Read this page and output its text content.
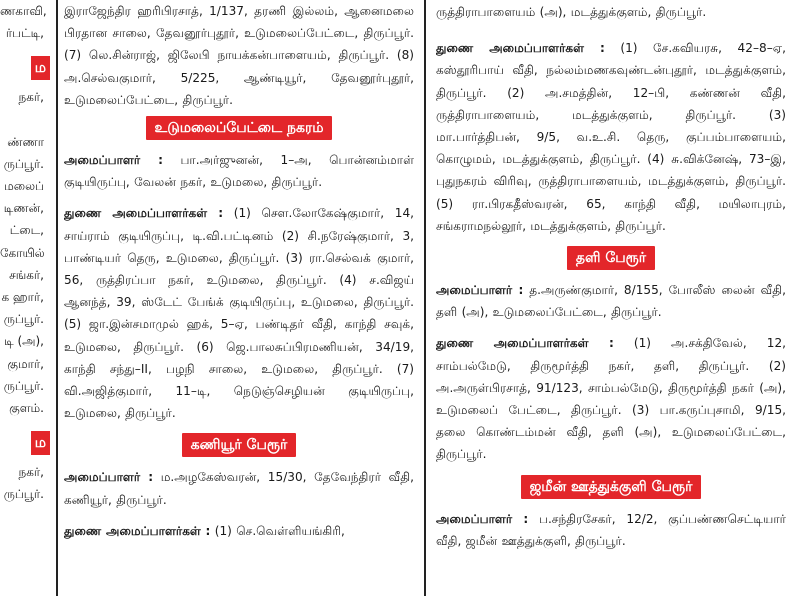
ணகாவி,
ர்பட்டி,
ம
நகர்,
ண்ணா
ருப்பூர்.
மலைப்
டிணன்,
ட்டை,
கோயில்
சங்கர்,
க ஹார்,
ருப்பூர்.
டி (அ),
குமார்,
ருப்பூர்.
குளம்.
ம
நகர்,
ருப்பூர்.

இராஜேந்திர ஹரிபிரசாத், 1/137, தரணி இல்லம், ஆனைமலை பிரதான சாலை, தேவனூர்புதூர், உடுமலைப்பேட்டை, திருப்பூர். (7) லெ.சின்ராஜ், ஜிலேபி நாயக்கன்பாளையம், திருப்பூர். (8) அ.செல்வகுமார், 5/225, ஆண்டியூர், தேவனூர்புதூர், உடுமலைப்பேட்டை, திருப்பூர்.

உடுமலைப்பேட்டை நகரம்

அமைப்பாளர் : பா.அர்ஜுனன், 1–அ, பொன்னம்மாள் குடியிருப்பு, வேலன் நகர், உடுமலை, திருப்பூர்.

துணை அமைப்பாளர்கள் : (1) சௌ.லோகேஷ்குமார், 14, சாய்ராம் குடியிருப்பு, டி.வி.பட்டினம் (2) சி.நரேஷ்குமார், 3, பாண்டியர் தெரு, உடுமலை, திருப்பூர். (3) ரா.செல்வக் குமார், 56, ருத்திரப்பா நகர், உடுமலை, திருப்பூர். (4) ச.விஜய் ஆனந்த், 39, ஸ்டேட் பேங்க் குடியிருப்பு, உடுமலை, திருப்பூர். (5) ஜா.இன்சமாமுல் ஹக், 5–ஏ, பண்டிதர் வீதி, காந்தி சவுக், உடுமலை, திருப்பூர். (6) ஜெ.பாலசுப்பிரமணியன், 34/19, காந்தி சந்து–II, பழநி சாலை, உடுமலை, திருப்பூர். (7) வி.அஜித்குமார், 11–டி, நெடுஞ்செழியன் குடியிருப்பு, உடுமலை, திருப்பூர்.

கணியூர் பேரூர்

அமைப்பாளர் : ம.அழகேஸ்வரன், 15/30, தேவேந்திரர் வீதி, கணியூர், திருப்பூர்.

துணை அமைப்பாளர்கள் : (1) செ.வெள்ளியங்கிரி,

ருத்திராபாளையம் (அ), மடத்துக்குளம், திருப்பூர்.

துணை அமைப்பாளர்கள் : (1) சே.கவியரசு, 42–8–ஏ, கஸ்தூரிபாய் வீதி, நல்லம்மணகவுண்டன்புதூர், மடத்துக்குளம், திருப்பூர். (2) அ.சமத்தின், 12–பி, கண்ணன் வீதி, ருத்திராபாளையம், மடத்துக்குளம், திருப்பூர். (3) மா.பார்த்திபன், 9/5, வ.உ.சி. தெரு, குப்பம்பாளையம், கொழுமம், மடத்துக்குளம், திருப்பூர். (4) சு.விக்னேஷ், 73–இ, புதுநகரம் விரிவு, ருத்திராபாளையம், மடத்துக்குளம், திருப்பூர். (5) ரா.பிரகதீஸ்வரன், 65, காந்தி வீதி, மயிலாபுரம், சங்கராமநல்லூர், மடத்துக்குளம், திருப்பூர்.

தளி பேரூர்

அமைப்பாளர் : த.அருண்குமார், 8/155, போலீஸ் லைன் வீதி, தளி (அ), உடுமலைப்பேட்டை, திருப்பூர்.

துணை அமைப்பாளர்கள் : (1) அ.சக்திவேல், 12, சாம்பல்மேடு, திருமூர்த்தி நகர், தளி, திருப்பூர். (2) அ.அருள்பிரசாத், 91/123, சாம்பல்மேடு, திருமூர்த்தி நகர் (அ), உடுமலைப் பேட்டை, திருப்பூர். (3) பா.கருப்புசாமி, 9/15, தலை கொண்டம்மன் வீதி, தளி (அ), உடுமலைப்பேட்டை, திருப்பூர்.

ஜமீன் ஊத்துக்குளி பேரூர்

அமைப்பாளர் : ப.சந்திரசேகர், 12/2, குப்பண்ணசெட்டியார் வீதி, ஜமீன் ஊத்துக்குளி, திருப்பூர்.
